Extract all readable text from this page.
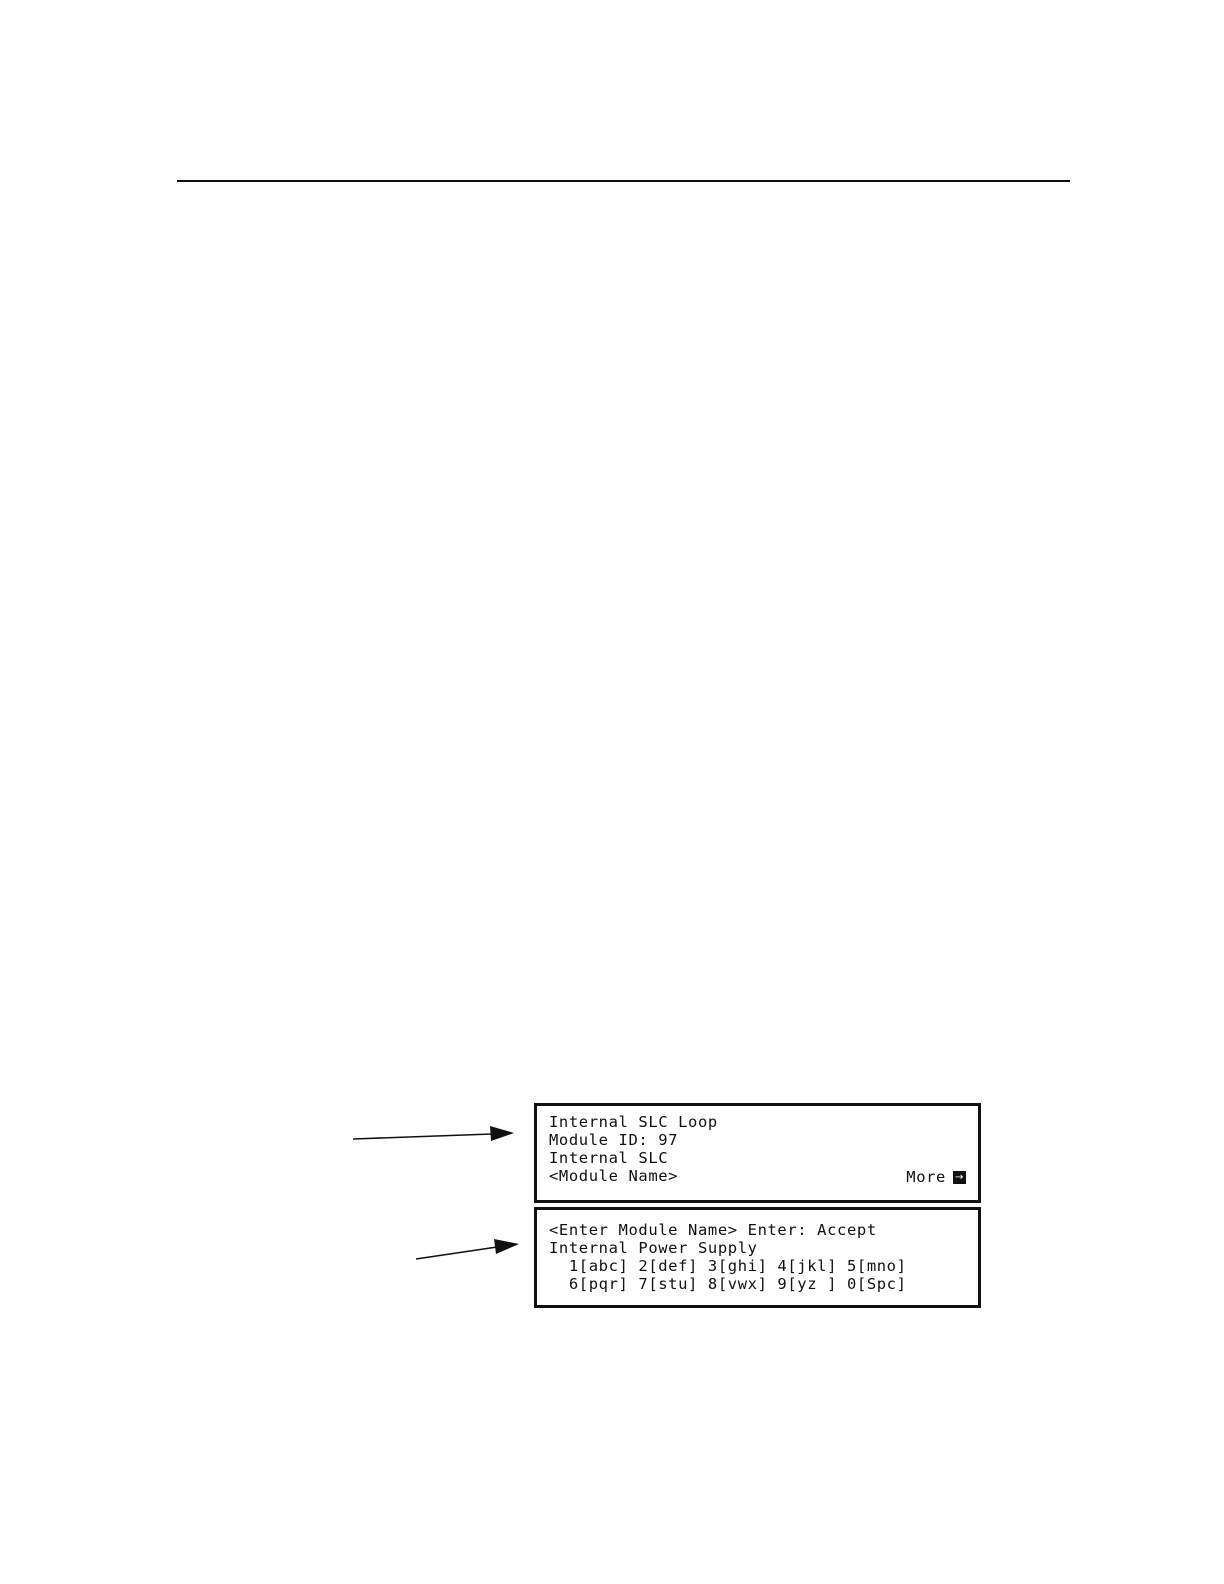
Internal SLC Loop
Module ID: 97
Internal SLC
<Module Name>	More →
<Enter Module Name> Enter: Accept
Internal Power Supply
1[abc] 2[def] 3[ghi] 4[jkl] 5[mno]
6[pqr] 7[stu] 8[vwx] 9[yz ] 0[Spc]
